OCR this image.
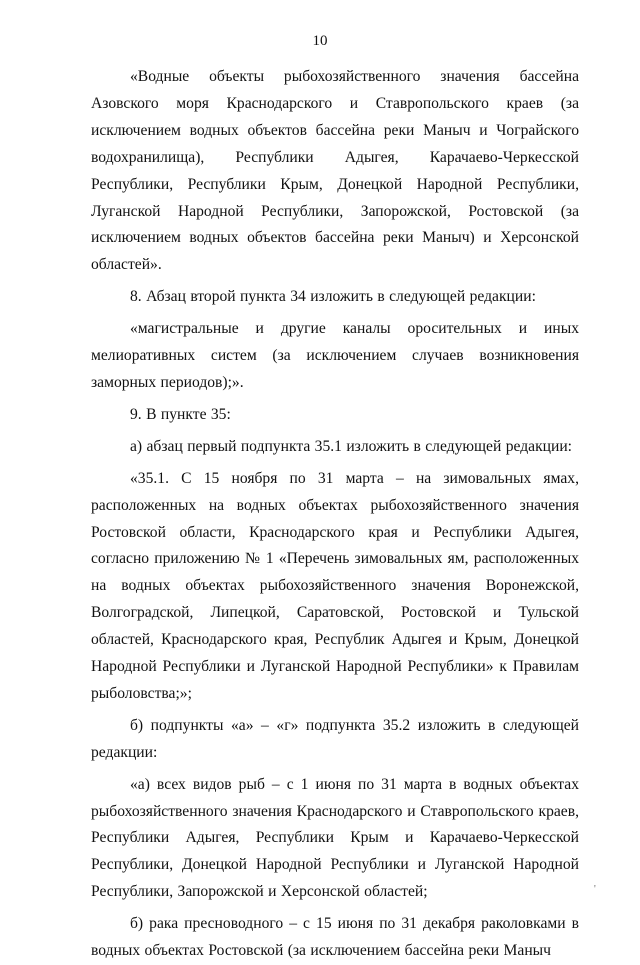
10

«Водные объекты рыбохозяйственного значения бассейна Азовского моря Краснодарского и Ставропольского краев (за исключением водных объектов бассейна реки Маныч и Чограйского водохранилища), Республики Адыгея, Карачаево-Черкесской Республики, Республики Крым, Донецкой Народной Республики, Луганской Народной Республики, Запорожской, Ростовской (за исключением водных объектов бассейна реки Маныч) и Херсонской областей».

8. Абзац второй пункта 34 изложить в следующей редакции:

«магистральные и другие каналы оросительных и иных мелиоративных систем (за исключением случаев возникновения заморных периодов);».

9. В пункте 35:

а) абзац первый подпункта 35.1 изложить в следующей редакции:

«35.1. С 15 ноября по 31 марта – на зимовальных ямах, расположенных на водных объектах рыбохозяйственного значения Ростовской области, Краснодарского края и Республики Адыгея, согласно приложению № 1 «Перечень зимовальных ям, расположенных на водных объектах рыбохозяйственного значения Воронежской, Волгоградской, Липецкой, Саратовской, Ростовской и Тульской областей, Краснодарского края, Республик Адыгея и Крым, Донецкой Народной Республики и Луганской Народной Республики» к Правилам рыболовства;»;

б) подпункты «а» – «г» подпункта 35.2 изложить в следующей редакции:

«а) всех видов рыб – с 1 июня по 31 марта в водных объектах рыбохозяйственного значения Краснодарского и Ставропольского краев, Республики Адыгея, Республики Крым и Карачаево-Черкесской Республики, Донецкой Народной Республики и Луганской Народной Республики, Запорожской и Херсонской областей;

б) рака пресноводного – с 15 июня по 31 декабря раколовками в водных объектах Ростовской (за исключением бассейна реки Маныч

'
